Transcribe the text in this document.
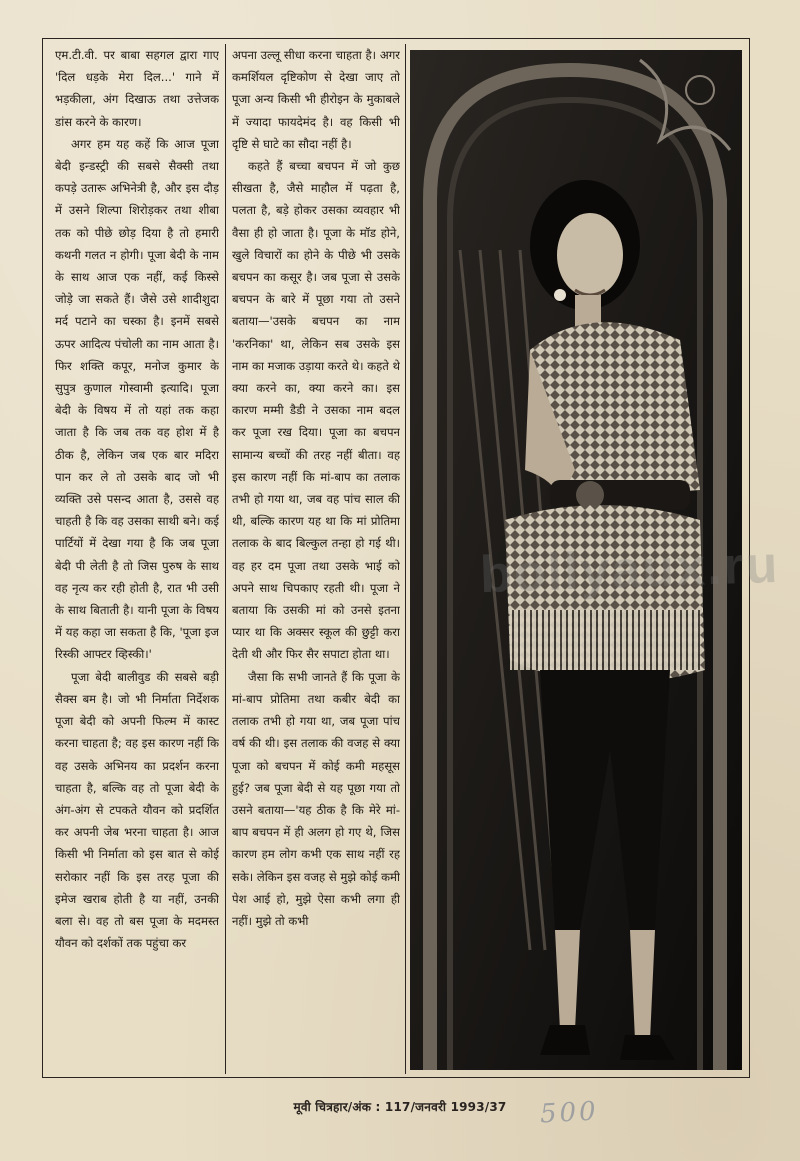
एम.टी.वी. पर बाबा सहगल द्वारा गाए 'दिल धड़के मेरा दिल...' गाने में भड़कीला, अंग दिखाऊ तथा उत्तेजक डांस करने के कारण।

अगर हम यह कहें कि आज पूजा बेदी इन्डस्ट्री की सबसे सैक्सी तथा कपड़े उतारू अभिनेत्री है, और इस दौड़ में उसने शिल्पा शिरोड़कर तथा शीबा तक को पीछे छोड़ दिया है तो हमारी कथनी गलत न होगी। पूजा बेदी के नाम के साथ आज एक नहीं, कई किस्से जोड़े जा सकते हैं। जैसे उसे शादीशुदा मर्द पटाने का चस्का है। इनमें सबसे ऊपर आदित्य पंचोली का नाम आता है। फिर शक्ति कपूर, मनोज कुमार के सुपुत्र कुणाल गोस्वामी इत्यादि। पूजा बेदी के विषय में तो यहां तक कहा जाता है कि जब तक वह होश में है ठीक है, लेकिन जब एक बार मदिरा पान कर ले तो उसके बाद जो भी व्यक्ति उसे पसन्द आता है, उससे वह चाहती है कि वह उसका साथी बने। कई पार्टियों में देखा गया है कि जब पूजा बेदी पी लेती है तो जिस पुरुष के साथ वह नृत्य कर रही होती है, रात भी उसी के साथ बिताती है। यानी पूजा के विषय में यह कहा जा सकता है कि, 'पूजा इज रिस्की आफ्टर व्हिस्की।'

पूजा बेदी बालीवुड की सबसे बड़ी सैक्स बम है। जो भी निर्माता निर्देशक पूजा बेदी को अपनी फिल्म में कास्ट करना चाहता है; वह इस कारण नहीं कि वह उसके अभिनय का प्रदर्शन करना चाहता है, बल्कि वह तो पूजा बेदी के अंग-अंग से टपकते यौवन को प्रदर्शित कर अपनी जेब भरना चाहता है। आज किसी भी निर्माता को इस बात से कोई सरोकार नहीं कि इस तरह पूजा की इमेज खराब होती है या नहीं, उनकी बला से। वह तो बस पूजा के मदमस्त यौवन को दर्शकों तक पहुंचा कर

अपना उल्लू सीधा करना चाहता है। अगर कमर्शियल दृष्टिकोण से देखा जाए तो पूजा अन्य किसी भी हीरोइन के मुकाबले में ज्यादा फायदेमंद है। वह किसी भी दृष्टि से घाटे का सौदा नहीं है।

कहते हैं बच्चा बचपन में जो कुछ सीखता है, जैसे माहौल में पढ़ता है, पलता है, बड़े होकर उसका व्यवहार भी वैसा ही हो जाता है। पूजा के मॉड होने, खुले विचारों का होने के पीछे भी उसके बचपन का कसूर है। जब पूजा से उसके बचपन के बारे में पूछा गया तो उसने बताया—'उसके बचपन का नाम 'करनिका' था, लेकिन सब उसके इस नाम का मजाक उड़ाया करते थे। कहते थे क्या करने का, क्या करने का। इस कारण मम्मी डैडी ने उसका नाम बदल कर पूजा रख दिया। पूजा का बचपन सामान्य बच्चों की तरह नहीं बीता। वह इस कारण नहीं कि मां-बाप का तलाक तभी हो गया था, जब वह पांच साल की थी, बल्कि कारण यह था कि मां प्रोतिमा तलाक के बाद बिल्कुल तन्हा हो गई थी। वह हर दम पूजा तथा उसके भाई को अपने साथ चिपकाए रहती थी। पूजा ने बताया कि उसकी मां को उनसे इतना प्यार था कि अक्सर स्कूल की छुट्टी करा देती थी और फिर सैर सपाटा होता था।

जैसा कि सभी जानते हैं कि पूजा के मां-बाप प्रोतिमा तथा कबीर बेदी का तलाक तभी हो गया था, जब पूजा पांच वर्ष की थी। इस तलाक की वजह से क्या पूजा को बचपन में कोई कमी महसूस हुई? जब पूजा बेदी से यह पूछा गया तो उसने बताया—'यह ठीक है कि मेरे मां-बाप बचपन में ही अलग हो गए थे, जिस कारण हम लोग कभी एक साथ नहीं रह सके। लेकिन इस वजह से मुझे कोई कमी पेश आई हो, मुझे ऐसा कभी लगा ही नहीं। मुझे तो कभी

bollyaux.ru
मूवी चित्रहार/अंक : 117/जनवरी 1993/37	500
